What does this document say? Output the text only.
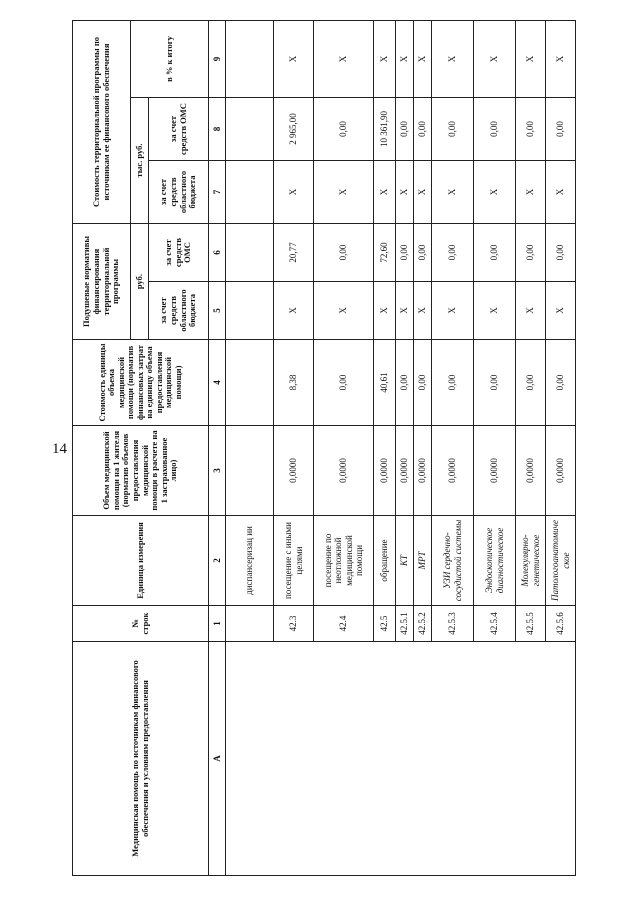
14
Медицинская помощь по источникам финансового обеспечения и условиям предоставления	№ строк	Единица измерения	Объем медицинской помощи на 1 жителя (норматив объемов предоставления медицинской помощи в расчете на 1 застрахованное лицо)	Стоимость единицы объема медицинской помощи (норматив финансовых затрат на единицу объема предоставления медицинской помощи)	Подушевые нормативы финансирования территориальной программы		Стоимость территориальной программы по источникам ее финансового обеспечения		
					руб.		тыс. руб.		в % к итогу
					за счет средств областного бюджета	за счет средств ОМС	за счет средств областного бюджета	за счет средств ОМС	
А	1	2	3	4	5	6	7	8	9
		диспансеризац ии							
	42.3	посещение с иными целями	0,0000	8,38	X	20,77	X	2 965,00	X
	42.4	посещение по неотложной медицинской помощи	0,0000	0,00	X	0,00	X	0,00	X
	42.5	обращение	0,0000	40,61	X	72,60	X	10 361,90	X
	42.5.1	КТ	0,0000	0,00	X	0,00	X	0,00	X
	42.5.2	МРТ	0,0000	0,00	X	0,00	X	0,00	X
	42.5.3	УЗИ сердечно-сосудистой системы	0,0000	0,00	X	0,00	X	0,00	X
	42.5.4	Эндоскопическое диагностическое	0,0000	0,00	X	0,00	X	0,00	X
	42.5.5	Молекулярно-генетическое	0,0000	0,00	X	0,00	X	0,00	X
	42.5.6	Патологоанатомическое	0,0000	0,00	X	0,00	X	0,00	X
